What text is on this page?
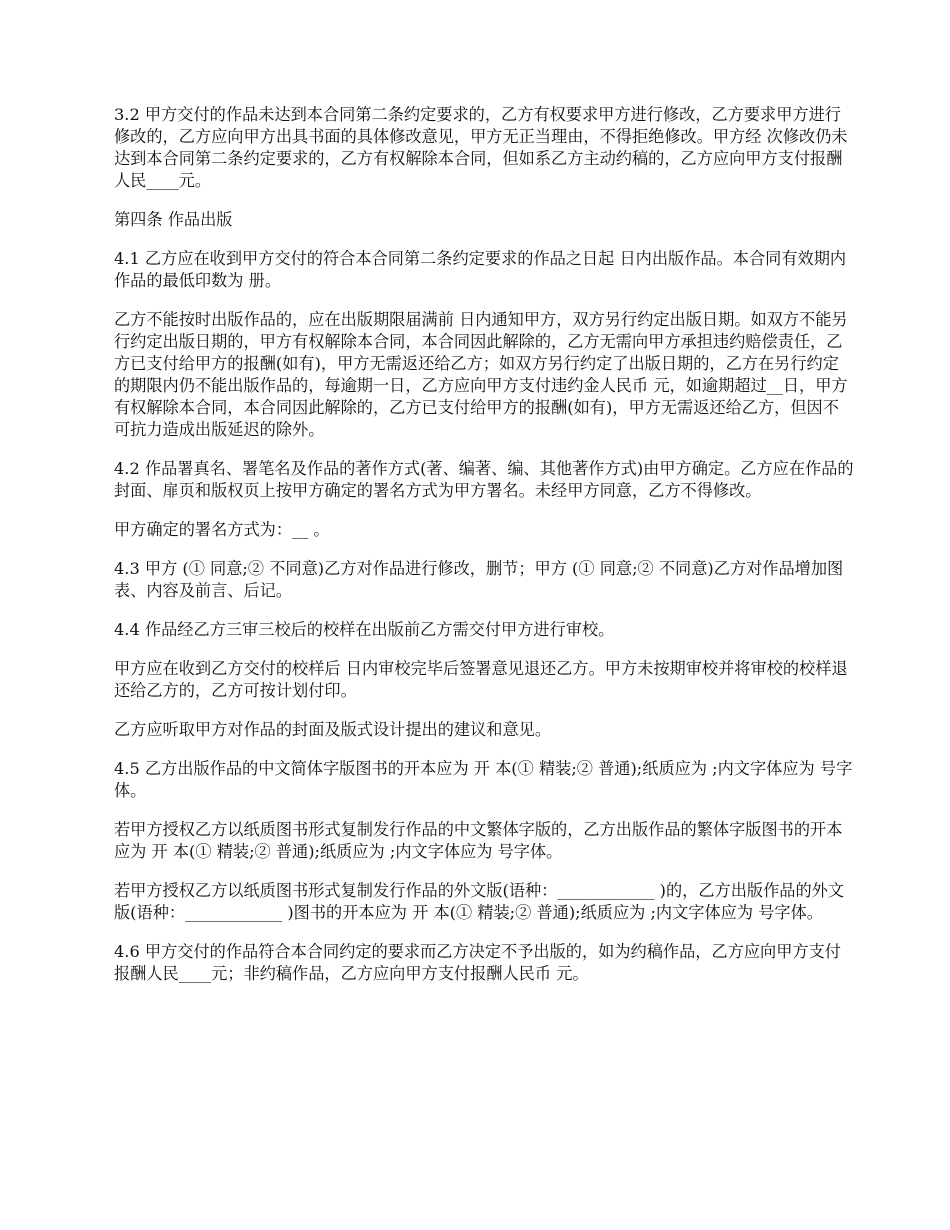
3.2 甲方交付的作品未达到本合同第二条约定要求的，乙方有权要求甲方进行修改，乙方要求甲方进行修改的，乙方应向甲方出具书面的具体修改意见，甲方无正当理由，不得拒绝修改。甲方经 次修改仍未达到本合同第二条约定要求的，乙方有权解除本合同，但如系乙方主动约稿的，乙方应向甲方支付报酬人民____元。

第四条 作品出版

4.1 乙方应在收到甲方交付的符合本合同第二条约定要求的作品之日起 日内出版作品。本合同有效期内作品的最低印数为 册。

乙方不能按时出版作品的，应在出版期限届满前 日内通知甲方，双方另行约定出版日期。如双方不能另行约定出版日期的，甲方有权解除本合同，本合同因此解除的，乙方无需向甲方承担违约赔偿责任，乙方已支付给甲方的报酬(如有)，甲方无需返还给乙方；如双方另行约定了出版日期的，乙方在另行约定的期限内仍不能出版作品的，每逾期一日，乙方应向甲方支付违约金人民币 元，如逾期超过__日，甲方有权解除本合同，本合同因此解除的，乙方已支付给甲方的报酬(如有)，甲方无需返还给乙方，但因不可抗力造成出版延迟的除外。

4.2 作品署真名、署笔名及作品的著作方式(著、编著、编、其他著作方式)由甲方确定。乙方应在作品的封面、扉页和版权页上按甲方确定的署名方式为甲方署名。未经甲方同意，乙方不得修改。

甲方确定的署名方式为：__ 。

4.3 甲方 (① 同意;② 不同意)乙方对作品进行修改，删节；甲方 (① 同意;② 不同意)乙方对作品增加图表、内容及前言、后记。

4.4 作品经乙方三审三校后的校样在出版前乙方需交付甲方进行审校。

甲方应在收到乙方交付的校样后 日内审校完毕后签署意见退还乙方。甲方未按期审校并将审校的校样退还给乙方的，乙方可按计划付印。

乙方应听取甲方对作品的封面及版式设计提出的建议和意见。

4.5 乙方出版作品的中文简体字版图书的开本应为 开 本(① 精装;② 普通);纸质应为 ;内文字体应为 号字体。

若甲方授权乙方以纸质图书形式复制发行作品的中文繁体字版的，乙方出版作品的繁体字版图书的开本应为 开 本(① 精装;② 普通);纸质应为 ;内文字体应为 号字体。

若甲方授权乙方以纸质图书形式复制发行作品的外文版(语种：____________ )的，乙方出版作品的外文版(语种：____________ )图书的开本应为 开 本(① 精装;② 普通);纸质应为 ;内文字体应为 号字体。

4.6 甲方交付的作品符合本合同约定的要求而乙方决定不予出版的，如为约稿作品，乙方应向甲方支付报酬人民____元；非约稿作品，乙方应向甲方支付报酬人民币 元。
